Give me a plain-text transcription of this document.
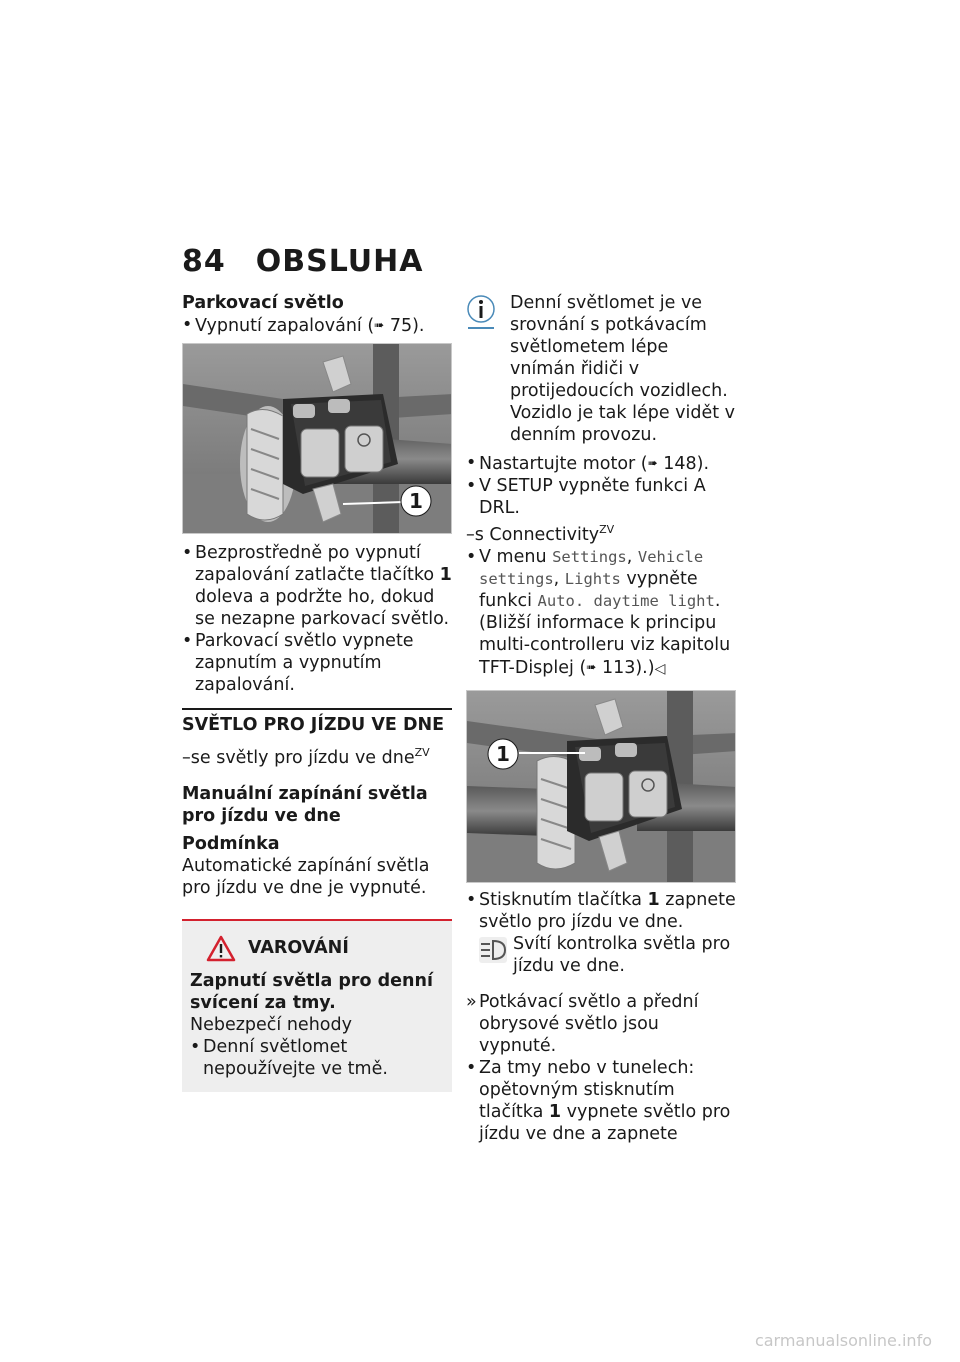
84 OBSLUHA

Parkovací světlo

• Vypnutí zapalování (➠ 75).

1

• Bezprostředně po vypnutí zapalování zatlačte tlačítko 1 doleva a podržte ho, dokud se nezapne parkovací světlo.

• Parkovací světlo vypnete zapnutím a vypnutím zapalování.

SVĚTLO PRO JÍZDU VE DNE

–se světly pro jízdu ve dne$^{ZV}$

Manuální zapínání světla pro jízdu ve dne

Podmínka

Automatické zapínání světla pro jízdu ve dne je vypnuté.

VAROVÁNÍ

Zapnutí světla pro denní svícení za tmy.

Nebezpečí nehody

• Denní světlomet nepoužívejte ve tmě.

Denní světlomet je ve srovnání s potkávacím světlometem lépe vnímán řidiči v protijedoucích vozidlech. Vozidlo je tak lépe vidět v denním provozu.

• Nastartujte motor (➠ 148).

• V SETUP vypněte funkci A DRL.

–s Connectivity$^{ZV}$

• V menu Settings, Vehicle settings, Lights vypněte funkci Auto. daytime light. (Bližší informace k principu multi-controlleru viz kapitolu TFT-Displej (➠ 113).)◁

1

• Stisknutím tlačítka 1 zapnete světlo pro jízdu ve dne.

Svítí kontrolka světla pro jízdu ve dne.

» Potkávací světlo a přední obrysové světlo jsou vypnuté.

• Za tmy nebo v tunelech: opětovným stisknutím tlačítka 1 vypnete světlo pro jízdu ve dne a zapnete

carmanualsonline.info
